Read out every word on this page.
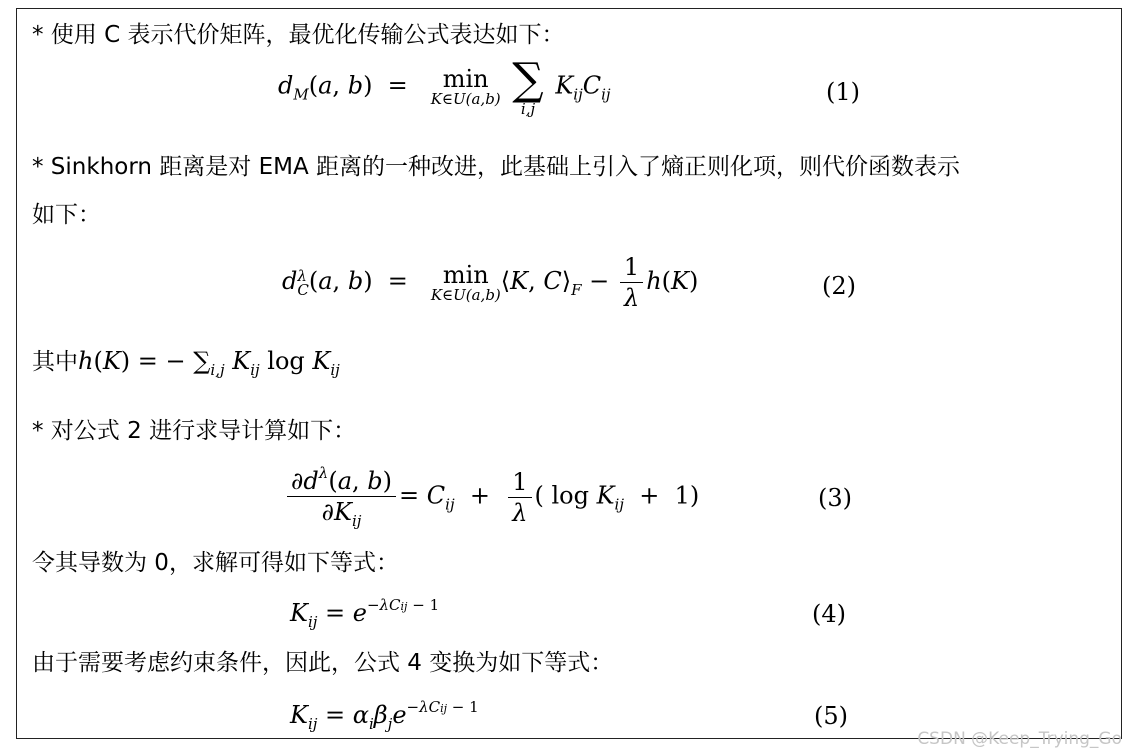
* 使用 C 表示代价矩阵，最优化传输公式表达如下：
$d_M(a$, b)  = min
K∈U(a,b)
∑
i,j
$K_{ij}C_{ij}$	(1)
* Sinkhorn 距离是对 EMA 距离的一种改进，此基础上引入了熵正则化项，则代价函数表示
如下：
d λ
C (a, b)  = min
K∈U(a,b) ⟨K, $C⟩_F - \frac{1}{\lambda} h(K)$	(2)
其中h(K) = − $\sum_{i,j}$ $K_{ij}$ $\log K_{ij}$
* 对公式 2 进行求导计算如下：
$\frac{\partial d^\lambda(a, b)}{\partial K_{ij}} = C_{ij} + \frac{1}{\lambda}$ ( $\log K_{ij} + 1$)	(3)
令其导数为 0，求解可得如下等式：
$K_{ij} = e^{-\lambda Cij - 1}$	(4)
由于需要考虑约束条件，因此，公式 4 变换为如下等式：
$K_{ij} = \alpha_i\beta_je^{-\lambda Cij - 1}$	(5)
CSDN @Keep_Trying_Go
